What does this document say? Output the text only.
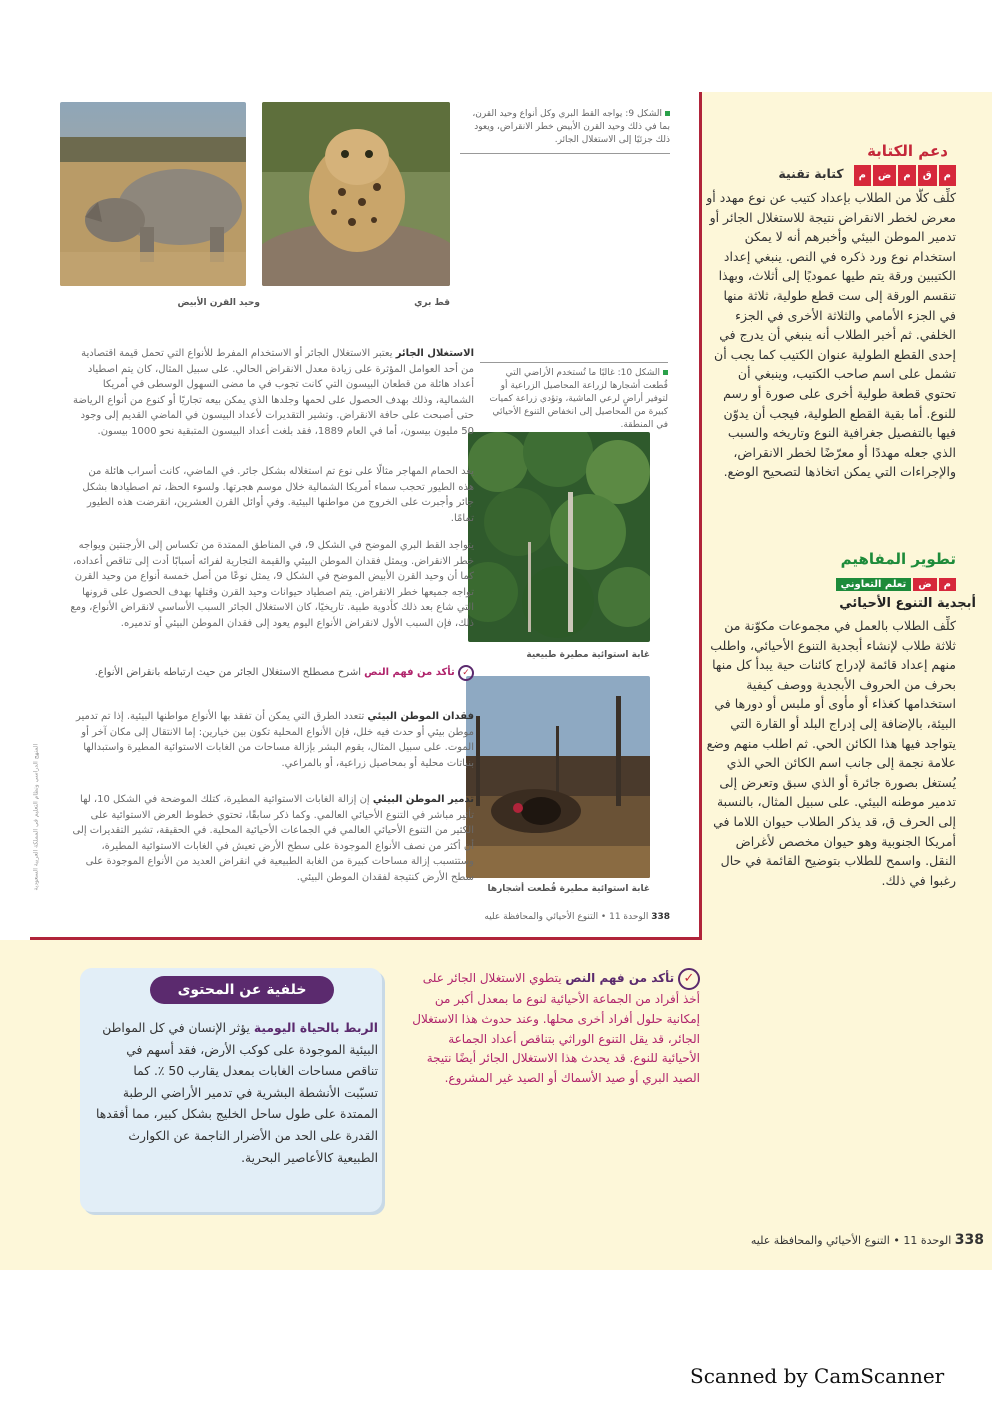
وحيد القرن الأبيض	قط بري
الشكل 9: يواجه القط البري وكل أنواع وحيد القرن، بما في ذلك وحيد القرن الأبيض خطر الانقراض، ويعود ذلك جزئيًا إلى الاستغلال الجائر.
الشكل 10: غالبًا ما تُستخدم الأراضي التي قُطعت أشجارها لزراعة المحاصيل الزراعية أو لتوفير أراضٍ لرعي الماشية، وتؤدي زراعة كميات كبيرة من المحاصيل إلى انخفاض التنوع الأحيائي في المنطقة.
غابة استوائية مطيرة طبيعية
غابة استوائية مطيرة قُطعت أشجارها
الاستغلال الجائر يعتبر الاستغلال الجائر أو الاستخدام المفرط للأنواع التي تحمل قيمة اقتصادية من أحد العوامل المؤثرة على زيادة معدل الانقراض الحالي. على سبيل المثال، كان يتم اصطياد أعداد هائلة من قطعان البيسون التي كانت تجوب في ما مضى السهول الوسطى في أمريكا الشمالية، وذلك بهدف الحصول على لحمها وجلدها الذي يمكن بيعه تجاريًا أو كنوع من أنواع الرياضة حتى أصبحت على حافة الانقراض. وتشير التقديرات لأعداد البيسون في الماضي القديم إلى وجود 50 مليون بيسون، أما في العام 1889، فقد بلغت أعداد البيسون المتبقية نحو 1000 بيسون.
يعد الحمام المهاجر مثالًا على نوع تم استغلاله بشكل جائر. في الماضي، كانت أسراب هائلة من هذه الطيور تحجب سماء أمريكا الشمالية خلال موسم هجرتها. ولسوء الحظ، تم اصطيادها بشكل جائر وأجبرت على الخروج من مواطنها البيئية. وفي أوائل القرن العشرين، انقرضت هذه الطيور تمامًا.
يتواجد القط البري الموضح في الشكل 9، في المناطق الممتدة من تكساس إلى الأرجنتين ويواجه خطر الانقراض. ويمثل فقدان الموطن البيئي والقيمة التجارية لفرائه أسبابًا أدت إلى تناقص أعداده، كما أن وحيد القرن الأبيض الموضح في الشكل 9، يمثل نوعًا من أصل خمسة أنواع من وحيد القرن تواجه جميعها خطر الانقراض. يتم اصطياد حيوانات وحيد القرن وقتلها بهدف الحصول على قرونها التي شاع بعد ذلك كأدوية طبية. تاريخيًا، كان الاستغلال الجائر السبب الأساسي لانقراض الأنواع، ومع ذلك، فإن السبب الأول لانقراض الأنواع اليوم يعود إلى فقدان الموطن البيئي أو تدميره.
✓ تأكد من فهم النص اشرح مصطلح الاستغلال الجائر من حيث ارتباطه بانقراض الأنواع.
فقدان الموطن البيئي تتعدد الطرق التي يمكن أن تفقد بها الأنواع مواطنها البيئية. إذا تم تدمير موطن بيئي أو حدث فيه خلل، فإن الأنواع المحلية تكون بين خيارين: إما الانتقال إلى مكان آخر أو الموت. على سبيل المثال، يقوم البشر بإزالة مساحات من الغابات الاستوائية المطيرة واستبدالها بنباتات محلية أو بمحاصيل زراعية، أو بالمراعي.
تدمير الموطن البيئي إن إزالة الغابات الاستوائية المطيرة، كتلك الموضحة في الشكل 10، لها تأثير مباشر في التنوع الأحيائي العالمي. وكما ذكر سابقًا، تحتوي خطوط العرض الاستوائية على الكثير من التنوع الأحيائي العالمي في الجماعات الأحيائية المحلية. في الحقيقة، تشير التقديرات إلى أن أكثر من نصف الأنواع الموجودة على سطح الأرض تعيش في الغابات الاستوائية المطيرة، وستتسبب إزالة مساحات كبيرة من الغابة الطبيعية في انقراض العديد من الأنواع الموجودة على سطح الأرض كنتيجة لفقدان الموطن البيئي.
338 الوحدة 11 • التنوع الأحيائي والمحافظة عليه
المنهج الدراسي ونظام التعليم في المملكة العربية السعودية
دعم الكتابة
مقمضم كتابة تقنية
كلِّف كلًّا من الطلاب بإعداد كتيب عن نوع مهدد أو معرض لخطر الانقراض نتيجة للاستغلال الجائر أو تدمير الموطن البيئي وأخبرهم أنه لا يمكن استخدام نوع ورد ذكره في النص. ينبغي إعداد الكتيبين ورقة يتم طيها عموديًا إلى أثلاث، وبهذا تنقسم الورقة إلى ست قطع طولية، ثلاثة منها في الجزء الأمامي والثلاثة الأخرى في الجزء الخلفي. ثم أخبر الطلاب أنه ينبغي أن يدرج في إحدى القطع الطولية عنوان الكتيب كما يجب أن تشمل على اسم صاحب الكتيب، وينبغي أن تحتوي قطعة طولية أخرى على صورة أو رسم للنوع. أما بقية القطع الطولية، فيجب أن يدوّن فيها بالتفصيل جغرافية النوع وتاريخه والسبب الذي جعله مهددًا أو معرّضًا لخطر الانقراض، والإجراءات التي يمكن اتخاذها لتصحيح الوضع.
تطوير المفاهيم
مضتعلم التعاوني
أبجدية التنوع الأحيائي
كلِّف الطلاب بالعمل في مجموعات مكوّنة من ثلاثة طلاب لإنشاء أبجدية التنوع الأحيائي، واطلب منهم إعداد قائمة لإدراج كائنات حية يبدأ كل منها بحرف من الحروف الأبجدية ووصف كيفية استخدامها كغذاء أو مأوى أو ملبس أو دورها في البيئة، بالإضافة إلى إدراج البلد أو القارة التي يتواجد فيها هذا الكائن الحي. ثم اطلب منهم وضع علامة نجمة إلى جانب اسم الكائن الحي الذي يُستغل بصورة جائرة أو الذي سبق وتعرض إلى تدمير موطنه البيئي. على سبيل المثال، بالنسبة إلى الحرف ق، قد يذكر الطلاب حيوان اللاما في أمريكا الجنوبية وهو حيوان مخصص لأغراض النقل. واسمح للطلاب بتوضيح القائمة في حال رغبوا في ذلك.
✓ تأكد من فهم النص يتطوي الاستغلال الجائر على أخذ أفراد من الجماعة الأحيائية لنوع ما بمعدل أكبر من إمكانية حلول أفراد أخرى محلها. وعند حدوث هذا الاستغلال الجائر، قد يقل التنوع الوراثي بتناقص أعداد الجماعة الأحيائية للنوع. قد يحدث هذا الاستغلال الجائر أيضًا نتيجة الصيد البري أو صيد الأسماك أو الصيد غير المشروع.
خلفية عن المحتوى
الربط بالحياة اليومية يؤثر الإنسان في كل المواطن البيئية الموجودة على كوكب الأرض، فقد أسهم في تناقص مساحات الغابات بمعدل يقارب 50 ٪. كما تسبّبت الأنشطة البشرية في تدمير الأراضي الرطبة الممتدة على طول ساحل الخليج بشكل كبير، مما أفقدها القدرة على الحد من الأضرار الناجمة عن الكوارث الطبيعية كالأعاصير البحرية.
338 الوحدة 11 • التنوع الأحيائي والمحافظة عليه
Scanned by CamScanner
